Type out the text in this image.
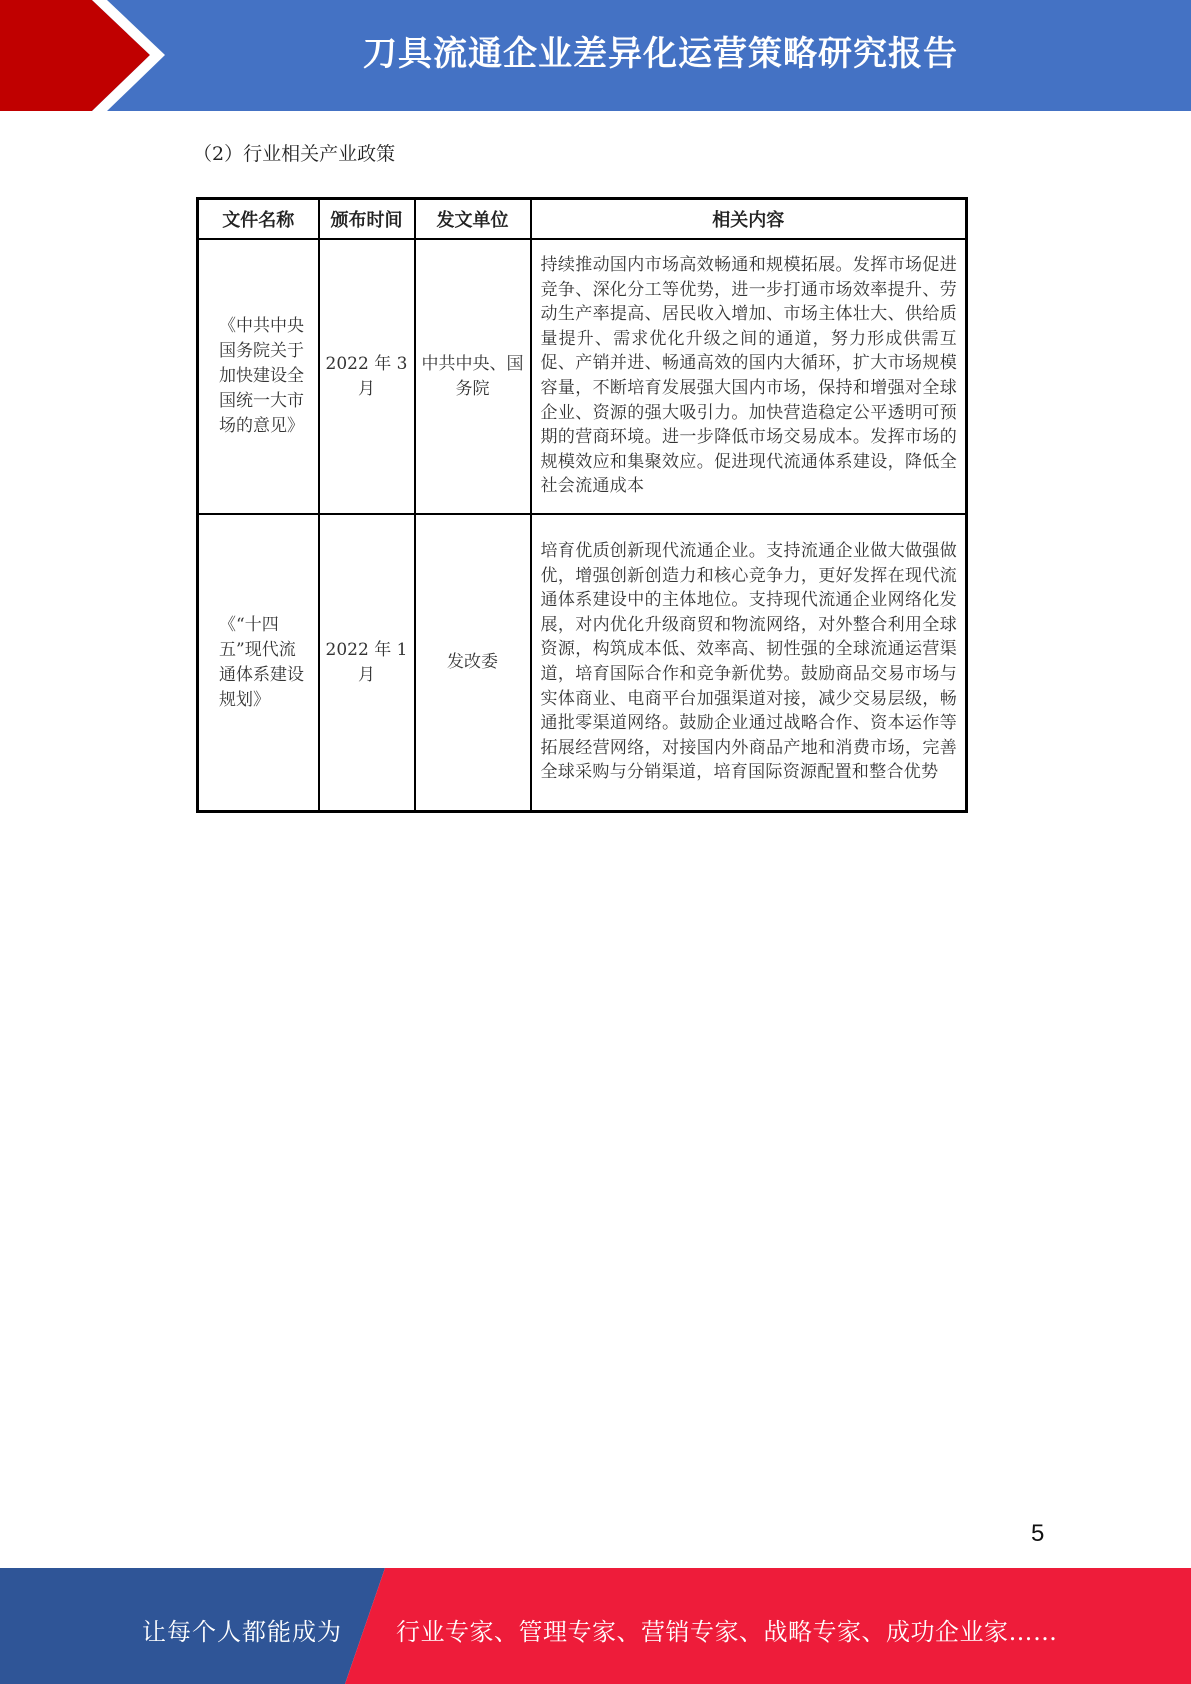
刀具流通企业差异化运营策略研究报告
（2）行业相关产业政策
文件名称	颁布时间	发文单位	相关内容
《中共中央国务院关于加快建设全国统一大市场的意见》	2022 年 3 月	中共中央、国务院	持续推动国内市场高效畅通和规模拓展。发挥市场促进竞争、深化分工等优势，进一步打通市场效率提升、劳动生产率提高、居民收入增加、市场主体壮大、供给质量提升、需求优化升级之间的通道，努力形成供需互促、产销并进、畅通高效的国内大循环，扩大市场规模容量，不断培育发展强大国内市场，保持和增强对全球企业、资源的强大吸引力。加快营造稳定公平透明可预期的营商环境。进一步降低市场交易成本。发挥市场的规模效应和集聚效应。促进现代流通体系建设，降低全社会流通成本
《“十四五”现代流通体系建设规划》	2022 年 1 月	发改委	培育优质创新现代流通企业。支持流通企业做大做强做优，增强创新创造力和核心竞争力，更好发挥在现代流通体系建设中的主体地位。支持现代流通企业网络化发展，对内优化升级商贸和物流网络，对外整合利用全球资源，构筑成本低、效率高、韧性强的全球流通运营渠道，培育国际合作和竞争新优势。鼓励商品交易市场与实体商业、电商平台加强渠道对接，减少交易层级，畅通批零渠道网络。鼓励企业通过战略合作、资本运作等拓展经营网络，对接国内外商品产地和消费市场，完善全球采购与分销渠道，培育国际资源配置和整合优势
5
让每个人都能成为 行业专家、管理专家、营销专家、战略专家、成功企业家……
